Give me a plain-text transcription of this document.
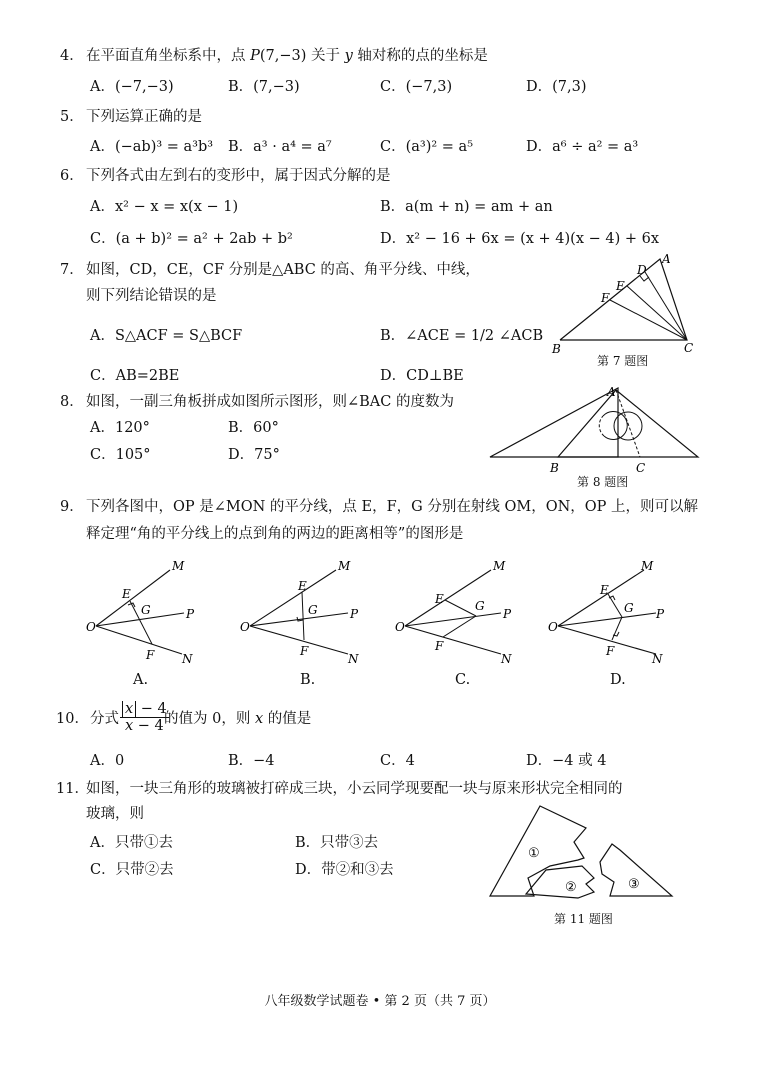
4． 在平面直角坐标系中，点 P(7,−3) 关于 y 轴对称的点的坐标是
A．(−7,−3)	B．(7,−3)	C．(−7,3)	D．(7,3)
5． 下列运算正确的是
A．(−ab)³ = a³b³ B．a³ · a⁴ = a⁷	C．(a³)² = a⁵	D．a⁶ ÷ a² = a³
6． 下列各式由左到右的变形中，属于因式分解的是
A．x² − x = x(x − 1)	B．a(m + n) = am + an
C．(a + b)² = a² + 2ab + b²	D．x² − 16 + 6x = (x + 4)(x − 4) + 6x
7． 如图，CD，CE，CF 分别是△ABC 的高、角平分线、中线，
则下列结论错误的是
A．S△ACF = S△BCF	B．∠ACE = 1/2 ∠ACB
C．AB=2BE	D．CD⊥BE
A
D
E
F
B	C
第 7 题图
8． 如图，一副三角板拼成如图所示图形，则∠BAC 的度数为
A．120°	B．60°
C．105°	D．75°
A
B	C
第 8 题图
9． 下列各图中，OP 是∠MON 的平分线，点 E，F，G 分别在射线 OM，ON，OP 上，则可以解
释定理“角的平分线上的点到角的两边的距离相等”的图形是
O
M
N
P
E
F
G
A.
O
M
N
P
E
F
G
B.
O
M
N
P
E
F
G
C.
O
M
N
P
E
F
G
D.
10． 分式 $\frac{x - 4}{x - 4}$
的值为 0，则 x 的值是
A．0	B．−4	C．4	D．−4 或 4
11．
如图，一块三角形的玻璃被打碎成三块，小云同学现要配一块与原来形状完全相同的
玻璃，则
A．只带①去	B．只带③去
C．只带②去	D．带②和③去
①
②	③
第 11 题图
八年级数学试题卷 • 第 2 页（共 7 页）
